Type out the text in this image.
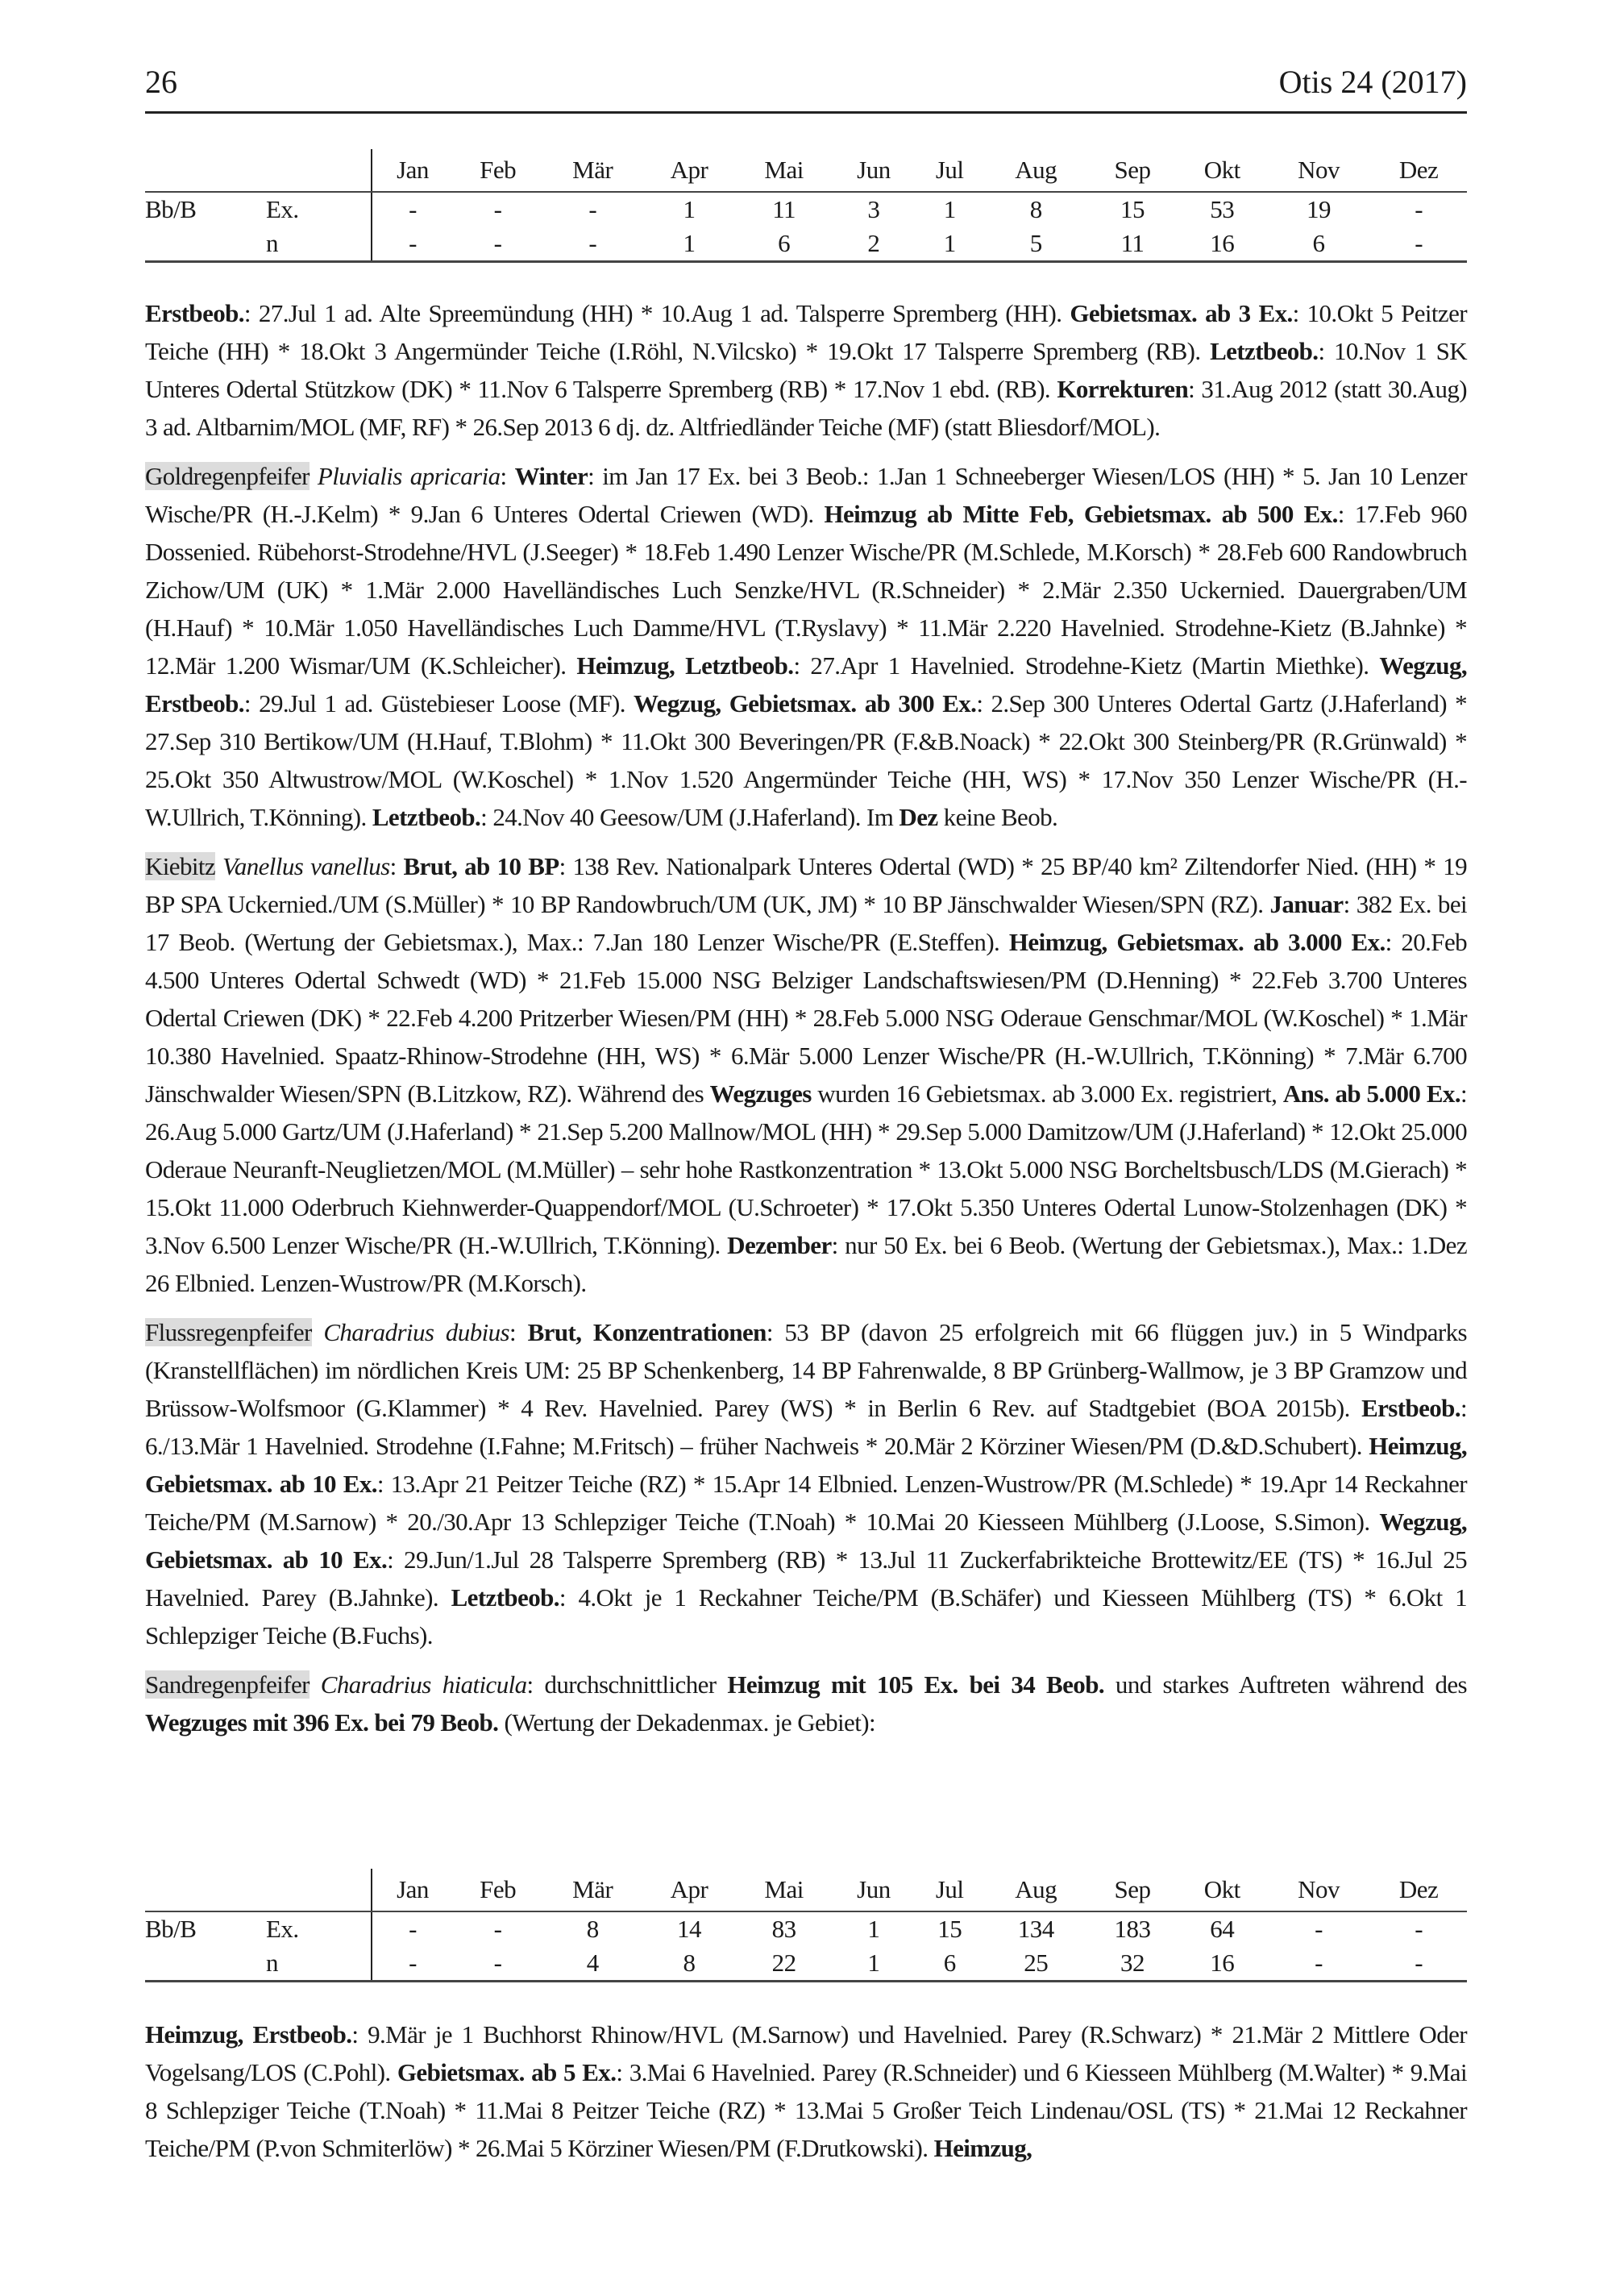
26	Otis 24 (2017)
		Jan	Feb	Mär	Apr	Mai	Jun	Jul	Aug	Sep	Okt	Nov	Dez
Bb/B	Ex.	-	-	-	1	11	3	1	8	15	53	19	-
	n	-	-	-	1	6	2	1	5	11	16	6	-

Erstbeob.: 27.Jul 1 ad. Alte Spreemündung (HH) * 10.Aug 1 ad. Talsperre Spremberg (HH). Gebietsmax. ab 3 Ex.: 10.Okt 5 Peitzer Teiche (HH) * 18.Okt 3 Angermünder Teiche (I.Röhl, N.Vilcsko) * 19.Okt 17 Talsperre Spremberg (RB). Letztbeob.: 10.Nov 1 SK Unteres Odertal Stützkow (DK) * 11.Nov 6 Talsperre Spremberg (RB) * 17.Nov 1 ebd. (RB). Korrekturen: 31.Aug 2012 (statt 30.Aug) 3 ad. Altbarnim/MOL (MF, RF) * 26.Sep 2013 6 dj. dz. Altfriedländer Teiche (MF) (statt Bliesdorf/MOL).

Goldregenpfeifer Pluvialis apricaria: Winter: im Jan 17 Ex. bei 3 Beob.: 1.Jan 1 Schneeberger Wiesen/LOS (HH) * 5. Jan 10 Lenzer Wische/PR (H.-J.Kelm) * 9.Jan 6 Unteres Odertal Criewen (WD). Heimzug ab Mitte Feb, Gebietsmax. ab 500 Ex.: 17.Feb 960 Dossenied. Rübehorst-Strodehne/HVL (J.Seeger) * 18.Feb 1.490 Lenzer Wische/PR (M.Schlede, M.Korsch) * 28.Feb 600 Randowbruch Zichow/UM (UK) * 1.Mär 2.000 Havelländisches Luch Senzke/HVL (R.Schneider) * 2.Mär 2.350 Uckernied. Dauergraben/UM (H.Hauf) * 10.Mär 1.050 Havelländisches Luch Damme/HVL (T.Ryslavy) * 11.Mär 2.220 Havelnied. Strodehne-Kietz (B.Jahnke) * 12.Mär 1.200 Wismar/UM (K.Schleicher). Heimzug, Letztbeob.: 27.Apr 1 Havelnied. Strodehne-Kietz (Martin Miethke). Wegzug, Erstbeob.: 29.Jul 1 ad. Güstebieser Loose (MF). Wegzug, Gebietsmax. ab 300 Ex.: 2.Sep 300 Unteres Odertal Gartz (J.Haferland) * 27.Sep 310 Bertikow/UM (H.Hauf, T.Blohm) * 11.Okt 300 Beveringen/PR (F.&B.Noack) * 22.Okt 300 Steinberg/PR (R.Grünwald) * 25.Okt 350 Altwustrow/MOL (W.Koschel) * 1.Nov 1.520 Angermünder Teiche (HH, WS) * 17.Nov 350 Lenzer Wische/PR (H.-W.Ullrich, T.Könning). Letztbeob.: 24.Nov 40 Geesow/UM (J.Haferland). Im Dez keine Beob.

Kiebitz Vanellus vanellus: Brut, ab 10 BP: 138 Rev. Nationalpark Unteres Odertal (WD) * 25 BP/40 km² Ziltendorfer Nied. (HH) * 19 BP SPA Uckernied./UM (S.Müller) * 10 BP Randowbruch/UM (UK, JM) * 10 BP Jänschwalder Wiesen/SPN (RZ). Januar: 382 Ex. bei 17 Beob. (Wertung der Gebietsmax.), Max.: 7.Jan 180 Lenzer Wische/PR (E.Steffen). Heimzug, Gebietsmax. ab 3.000 Ex.: 20.Feb 4.500 Unteres Odertal Schwedt (WD) * 21.Feb 15.000 NSG Belziger Landschaftswiesen/PM (D.Henning) * 22.Feb 3.700 Unteres Odertal Criewen (DK) * 22.Feb 4.200 Pritzerber Wiesen/PM (HH) * 28.Feb 5.000 NSG Oderaue Genschmar/MOL (W.Koschel) * 1.Mär 10.380 Havelnied. Spaatz-Rhinow-Strodehne (HH, WS) * 6.Mär 5.000 Lenzer Wische/PR (H.-W.Ullrich, T.Könning) * 7.Mär 6.700 Jänschwalder Wiesen/SPN (B.Litzkow, RZ). Während des Wegzuges wurden 16 Gebietsmax. ab 3.000 Ex. registriert, Ans. ab 5.000 Ex.: 26.Aug 5.000 Gartz/UM (J.Haferland) * 21.Sep 5.200 Mallnow/MOL (HH) * 29.Sep 5.000 Damitzow/UM (J.Haferland) * 12.Okt 25.000 Oderaue Neuranft-Neuglietzen/MOL (M.Müller) – sehr hohe Rastkonzentration * 13.Okt 5.000 NSG Borcheltsbusch/LDS (M.Gierach) * 15.Okt 11.000 Oderbruch Kiehnwerder-Quappendorf/MOL (U.Schroeter) * 17.Okt 5.350 Unteres Odertal Lunow-Stolzenhagen (DK) * 3.Nov 6.500 Lenzer Wische/PR (H.-W.Ullrich, T.Könning). Dezember: nur 50 Ex. bei 6 Beob. (Wertung der Gebietsmax.), Max.: 1.Dez 26 Elbnied. Lenzen-Wustrow/PR (M.Korsch).

Flussregenpfeifer Charadrius dubius: Brut, Konzentrationen: 53 BP (davon 25 erfolgreich mit 66 flüggen juv.) in 5 Windparks (Kranstellflächen) im nördlichen Kreis UM: 25 BP Schenkenberg, 14 BP Fahrenwalde, 8 BP Grünberg-Wallmow, je 3 BP Gramzow und Brüssow-Wolfsmoor (G.Klammer) * 4 Rev. Havelnied. Parey (WS) * in Berlin 6 Rev. auf Stadtgebiet (BOA 2015b). Erstbeob.: 6./13.Mär 1 Havelnied. Strodehne (I.Fahne; M.Fritsch) – früher Nachweis * 20.Mär 2 Körziner Wiesen/PM (D.&D.Schubert). Heimzug, Gebietsmax. ab 10 Ex.: 13.Apr 21 Peitzer Teiche (RZ) * 15.Apr 14 Elbnied. Lenzen-Wustrow/PR (M.Schlede) * 19.Apr 14 Reckahner Teiche/PM (M.Sarnow) * 20./30.Apr 13 Schlepziger Teiche (T.Noah) * 10.Mai 20 Kiesseen Mühlberg (J.Loose, S.Simon). Wegzug, Gebietsmax. ab 10 Ex.: 29.Jun/1.Jul 28 Talsperre Spremberg (RB) * 13.Jul 11 Zuckerfabrikteiche Brottewitz/EE (TS) * 16.Jul 25 Havelnied. Parey (B.Jahnke). Letztbeob.: 4.Okt je 1 Reckahner Teiche/PM (B.Schäfer) und Kiesseen Mühlberg (TS) * 6.Okt 1 Schlepziger Teiche (B.Fuchs).

Sandregenpfeifer Charadrius hiaticula: durchschnittlicher Heimzug mit 105 Ex. bei 34 Beob. und starkes Auftreten während des Wegzuges mit 396 Ex. bei 79 Beob. (Wertung der Dekadenmax. je Gebiet):

		Jan	Feb	Mär	Apr	Mai	Jun	Jul	Aug	Sep	Okt	Nov	Dez
Bb/B	Ex.	-	-	8	14	83	1	15	134	183	64	-	-
	n	-	-	4	8	22	1	6	25	32	16	-	-

Heimzug, Erstbeob.: 9.Mär je 1 Buchhorst Rhinow/HVL (M.Sarnow) und Havelnied. Parey (R.Schwarz) * 21.Mär 2 Mittlere Oder Vogelsang/LOS (C.Pohl). Gebietsmax. ab 5 Ex.: 3.Mai 6 Havelnied. Parey (R.Schneider) und 6 Kiesseen Mühlberg (M.Walter) * 9.Mai 8 Schlepziger Teiche (T.Noah) * 11.Mai 8 Peitzer Teiche (RZ) * 13.Mai 5 Großer Teich Lindenau/OSL (TS) * 21.Mai 12 Reckahner Teiche/PM (P.von Schmiterlöw) * 26.Mai 5 Körziner Wiesen/PM (F.Drutkowski). Heimzug,
